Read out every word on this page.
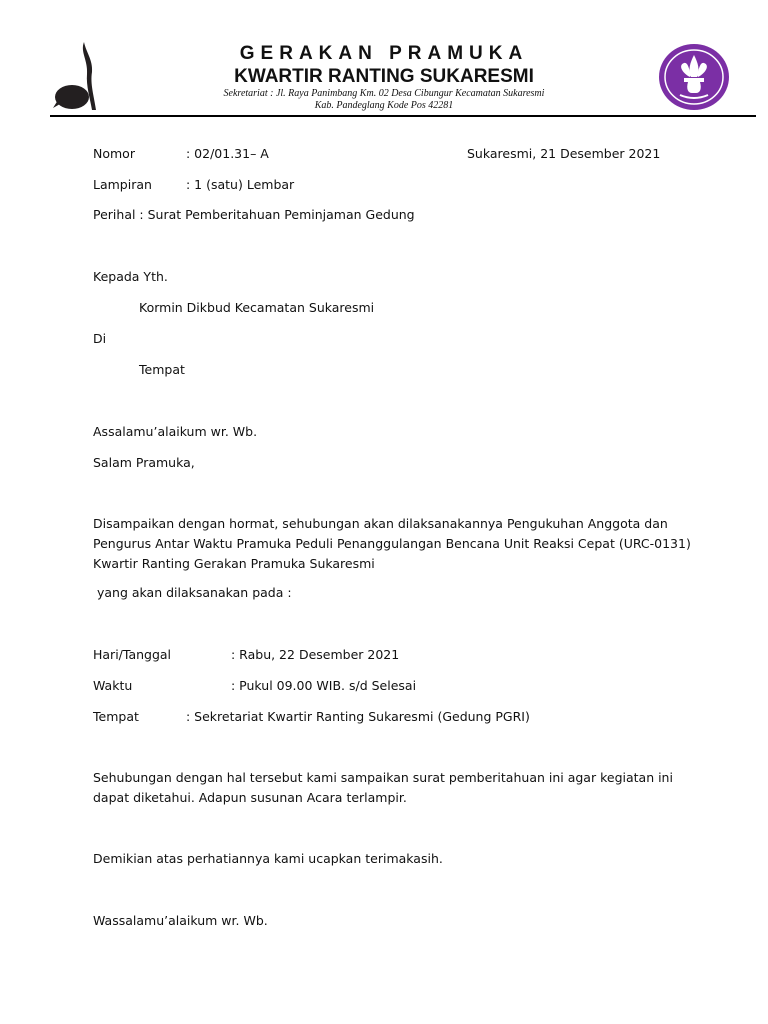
GERAKAN PRAMUKA
KWARTIR RANTING SUKARESMI
Sekretariat : Jl. Raya Panimbang Km. 02 Desa Cibungur Kecamatan Sukaresmi
Kab. Pandeglang Kode Pos 42281
Nomor	: 02/01.31– A	Sukaresmi, 21 Desember 2021
Lampiran	: 1 (satu) Lembar
Perihal : Surat Pemberitahuan Peminjaman Gedung
Kepada Yth.
Kormin Dikbud Kecamatan Sukaresmi
Di
Tempat
Assalamu’alaikum wr. Wb.
Salam Pramuka,
Disampaikan dengan hormat, sehubungan akan dilaksanakannya Pengukuhan Anggota dan Pengurus Antar Waktu Pramuka Peduli Penanggulangan Bencana Unit Reaksi Cepat (URC-0131) Kwartir Ranting Gerakan Pramuka Sukaresmi
yang akan dilaksanakan pada :
Hari/Tanggal	: Rabu, 22 Desember 2021
Waktu	: Pukul 09.00 WIB. s/d Selesai
Tempat	: Sekretariat Kwartir Ranting Sukaresmi (Gedung PGRI)
Sehubungan dengan hal tersebut kami sampaikan surat pemberitahuan ini agar kegiatan ini dapat diketahui. Adapun susunan Acara terlampir.
Demikian atas perhatiannya kami ucapkan terimakasih.
Wassalamu’alaikum wr. Wb.
